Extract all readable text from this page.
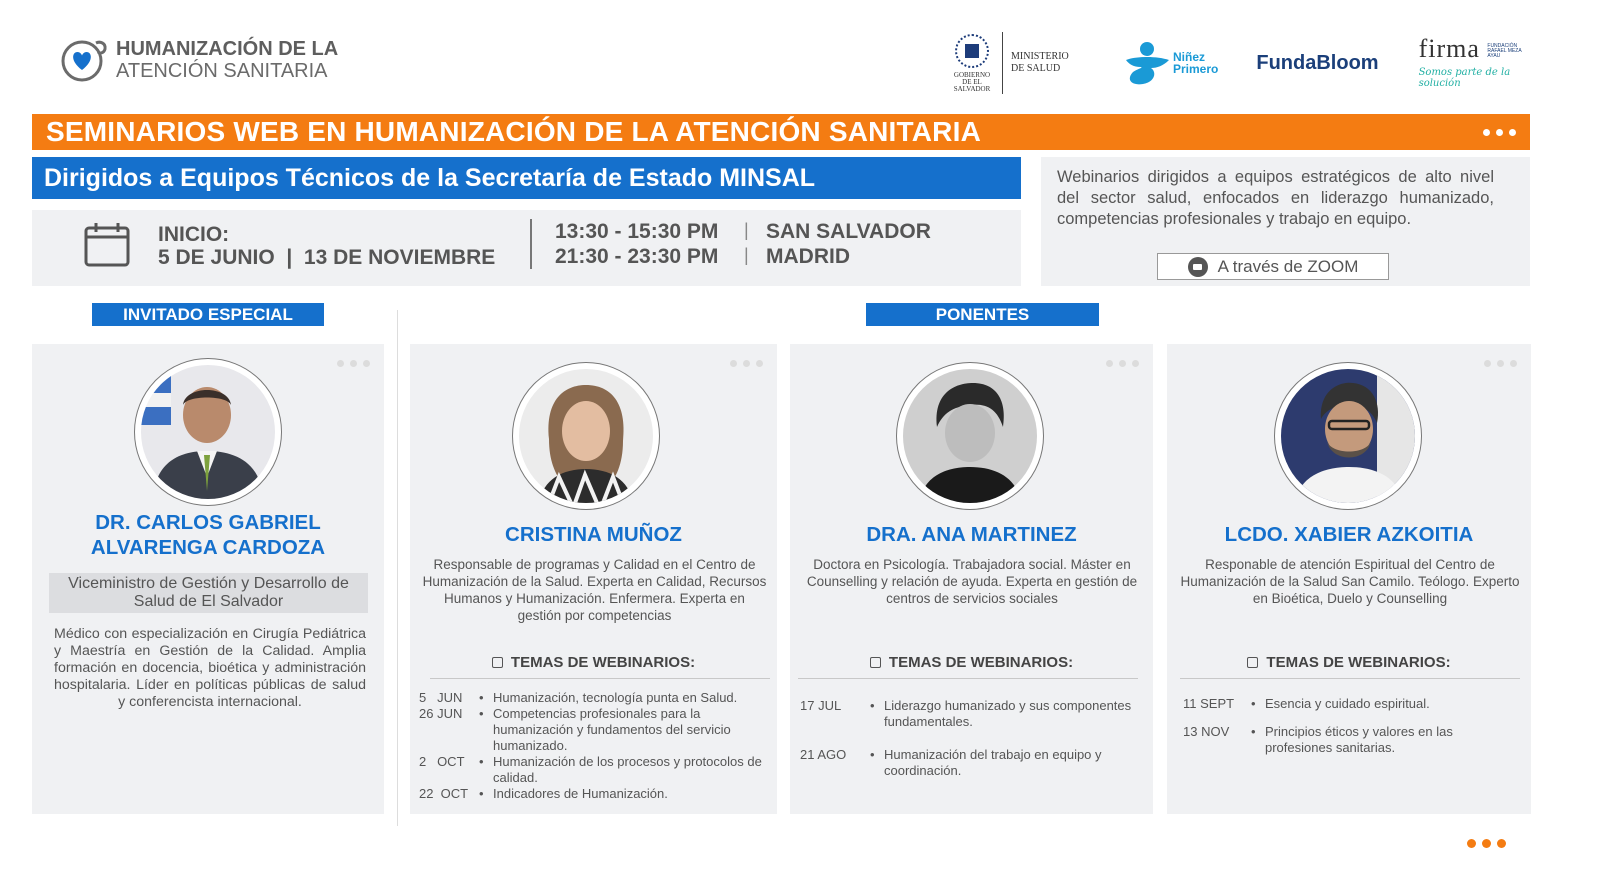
HUMANIZACIÓN DE LA
ATENCIÓN SANITARIA	GOBIERNO DE EL SALVADOR
MINISTERIO DE SALUD
Niñez
Primero FundaBloom firma FUNDACIÓN RAFAEL MEZA AYAU
Somos parte de la solución
SEMINARIOS WEB EN HUMANIZACIÓN DE LA ATENCIÓN SANITARIA
Dirigidos a Equipos Técnicos de la Secretaría de Estado MINSAL
INICIO:
5 DE JUNIO  |  13 DE NOVIEMBRE
13:30 - 15:30 PM
21:30 - 23:30 PM
|
|
SAN SALVADOR
MADRID
Webinarios dirigidos a equipos estratégicos de alto nivel del sector salud, enfocados en liderazgo humanizado, competencias profesionales y trabajo en equipo.
A través de ZOOM
INVITADO ESPECIAL	PONENTES
DR. CARLOS GABRIEL
ALVARENGA CARDOZA
Viceministro de Gestión y Desarrollo de Salud de El Salvador
Médico con especialización en Cirugía Pediátrica y Maestría en Gestión de la Calidad. Amplia formación en docencia, bioética y administración hospitalaria. Líder en políticas públicas de salud y conferencista internacional.
CRISTINA MUÑOZ
Responsable de programas y Calidad en el Centro de Humanización de la Salud. Experta en Calidad, Recursos Humanos y Humanización. Enfermera. Experta en gestión por competencias
TEMAS DE WEBINARIOS:
5   JUN	• Humanización, tecnología punta en Salud.
26 JUN	• Competencias profesionales para la humanización y fundamentos del servicio humanizado.
2   OCT	• Humanización de los procesos y protocolos de calidad.
22  OCT • Indicadores de Humanización.
DRA. ANA MARTINEZ
Doctora en Psicología. Trabajadora social. Máster en Counselling y relación de ayuda. Experta en gestión de centros de servicios sociales
TEMAS DE WEBINARIOS:
17 JUL	• Liderazgo humanizado y sus componentes fundamentales.
21 AGO	• Humanización del trabajo en equipo y coordinación.
LCDO. XABIER AZKOITIA
Responable de atención Espiritual del Centro de Humanización de la Salud San Camilo. Teólogo. Experto en Bioética, Duelo y Counselling
TEMAS DE WEBINARIOS:
11 SEPT	• Esencia y cuidado espiritual.
13 NOV	• Principios éticos y valores en las profesiones sanitarias.
